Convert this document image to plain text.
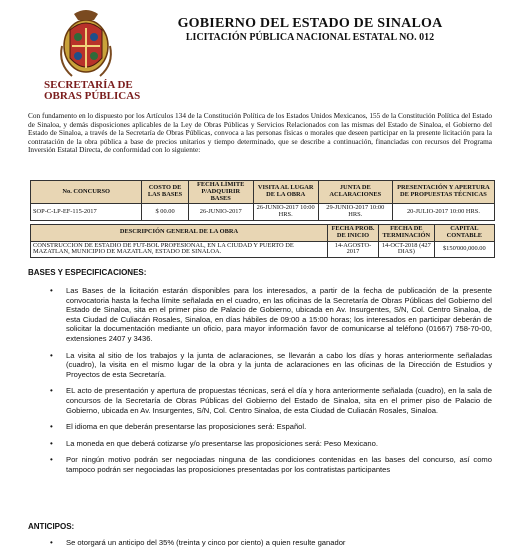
SECRETARÍA DE
OBRAS PÚBLICAS
GOBIERNO DEL ESTADO DE SINALOA
LICITACIÓN PÚBLICA NACIONAL ESTATAL NO. 012
Con fundamento en lo dispuesto por los Artículos 134 de la Constitución Política de los Estados Unidos Mexicanos, 155 de la Constitución Política del Estado de Sinaloa, y demás disposiciones aplicables de la Ley de Obras Públicas y Servicios Relacionados con las mismas del Estado de Sinaloa, el Gobierno del Estado de Sinaloa, a través de la Secretaría de Obras Públicas, convoca a las personas físicas o morales que deseen participar en la presente licitación para la contratación de la obra pública a base de precios unitarios y tiempo determinado, que se describe a continuación, financiadas con recursos del Programa Inversión Estatal Directa, de conformidad con lo siguiente:
No. CONCURSO	COSTO DE LAS BASES	FECHA LÍMITE P/ADQUIRIR BASES	VISITA AL LUGAR DE LA OBRA	JUNTA DE ACLARACIONES	PRESENTACIÓN Y APERTURA DE PROPUESTAS TÉCNICAS
SOP-C-LP-EF-115-2017	$ 00.00	26-JUNIO-2017	26-JUNIO-2017 10:00 HRS.	29-JUNIO-2017 10:00 HRS.	20-JULIO-2017 10:00 HRS.
DESCRIPCIÓN GENERAL DE LA OBRA	FECHA PROB. DE INICIO	FECHA DE TERMINACIÓN	CAPITAL CONTABLE
CONSTRUCCION DE ESTADIO DE FUT-BOL PROFESIONAL, EN LA CIUDAD Y PUERTO DE MAZATLAN, MUNICIPIO DE MAZATLAN, ESTADO DE SINALOA.	14-AGOSTO-2017	14-OCT-2018 (427 DIAS)	$150'000,000.00
BASES Y ESPECIFICACIONES:
• Las Bases de la licitación estarán disponibles para los interesados, a partir de la fecha de publicación de la presente convocatoria hasta la fecha límite señalada en el cuadro, en las oficinas de la Secretaría de Obras Públicas del Gobierno del Estado de Sinaloa, sita en el primer piso de Palacio de Gobierno, ubicada en Av. Insurgentes, S/N, Col. Centro Sinaloa, de esta Ciudad de Culiacán Rosales, Sinaloa, en días hábiles de 09:00 a 15:00 horas; los interesados en participar deberán de solicitar la documentación mediante un oficio, para mayor información favor de comunicarse al teléfono (01667) 758-70-00, extensiones 2407 y 3436.
• La visita al sitio de los trabajos y la junta de aclaraciones, se llevarán a cabo los días y horas anteriormente señaladas (cuadro), la visita en el mismo lugar de la obra y la junta de aclaraciones en las oficinas de la Dirección de Estudios y Proyectos de esta Secretaría.
• EL acto de presentación y apertura de propuestas técnicas, será el día y hora anteriormente señalada (cuadro), en la sala de concursos de la Secretaría de Obras Públicas del Gobierno del Estado de Sinaloa, sita en el primer piso de Palacio de Gobierno, ubicada en Av. Insurgentes, S/N, Col. Centro Sinaloa, de esta Ciudad de Culiacán Rosales, Sinaloa.
• El idioma en que deberán presentarse las proposiciones será: Español.
• La moneda en que deberá cotizarse y/o presentarse las proposiciones será: Peso Mexicano.
• Por ningún motivo podrán ser negociadas ninguna de las condiciones contenidas en las bases del concurso, así como tampoco podrán ser negociadas las proposiciones presentadas por los contratistas participantes
ANTICIPOS:
• Se otorgará un anticipo del 35% (treinta y cinco por ciento) a quien resulte ganador
